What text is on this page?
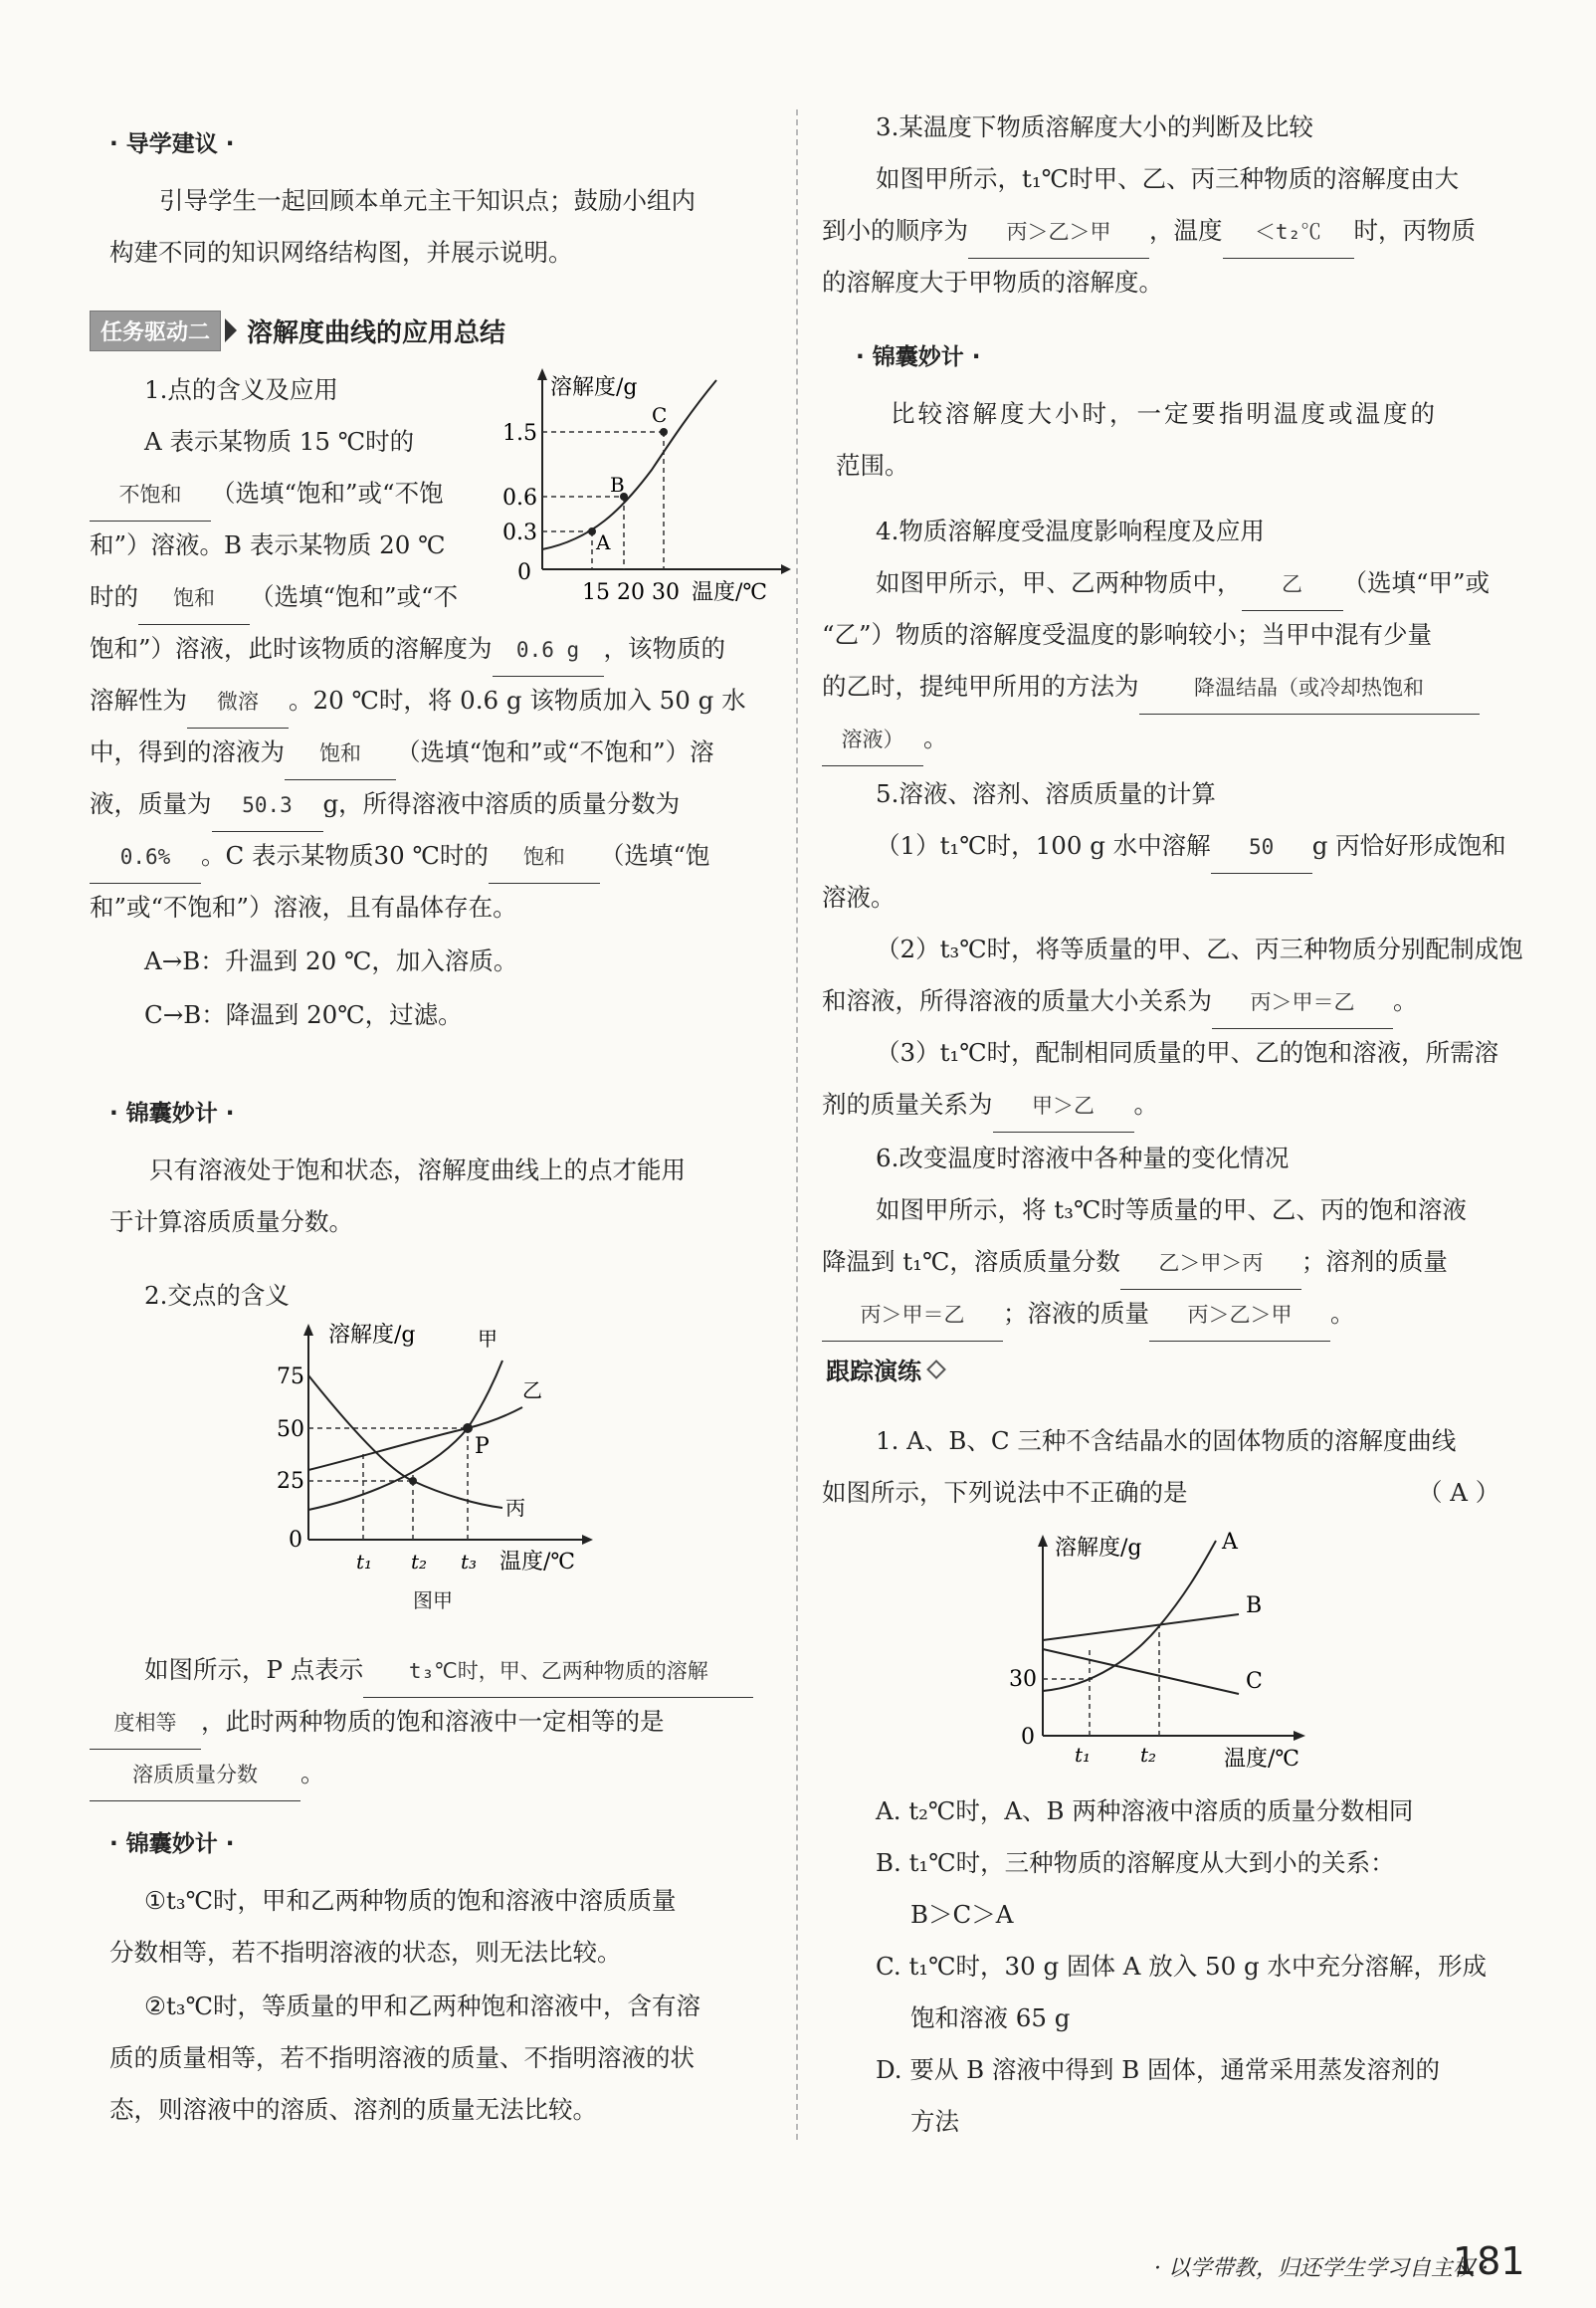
· 导学建议 ·

引导学生一起回顾本单元主干知识点；鼓励小组内

构建不同的知识网络结构图，并展示说明。

任务驱动二	溶解度曲线的应用总结

1.点的含义及应用

A 表示某物质 15 ℃时的

不饱和 （选填“饱和”或“不饱

和”）溶液。B 表示某物质 20 ℃

时的 饱和 （选填“饱和”或“不

饱和”）溶液，此时该物质的溶解度为 0.6 g ，该物质的

溶解性为 微溶 。20 ℃时，将 0.6 g 该物质加入 50 g 水

中，得到的溶液为 饱和 （选填“饱和”或“不饱和”）溶

液，质量为 50.3 g，所得溶液中溶质的质量分数为

0.6% 。C 表示某物质30 ℃时的 饱和 （选填“饱

和”或“不饱和”）溶液，且有晶体存在。

A→B：升温到 20 ℃，加入溶质。

C→B：降温到 20℃，过滤。

溶解度/g
温度/℃
1.5
0.6
0.3
0
15 20 30
A
B
C
· 锦囊妙计 ·

只有溶液处于饱和状态，溶解度曲线上的点才能用

于计算溶质质量分数。

2.交点的含义

溶解度/g
温度/℃
75
50
25
0
t₁ t₂ t₃
甲
乙
丙
P

图甲

如图所示，P 点表示 t₃℃时，甲、乙两种物质的溶解

度相等 ，此时两种物质的饱和溶液中一定相等的是

溶质质量分数 。

· 锦囊妙计 ·

①t₃℃时，甲和乙两种物质的饱和溶液中溶质质量

分数相等，若不指明溶液的状态，则无法比较。

②t₃℃时，等质量的甲和乙两种饱和溶液中，含有溶

质的质量相等，若不指明溶液的质量、不指明溶液的状

态，则溶液中的溶质、溶剂的质量无法比较。

3.某温度下物质溶解度大小的判断及比较

如图甲所示，t₁℃时甲、乙、丙三种物质的溶解度由大

到小的顺序为 丙＞乙＞甲 ，温度 ＜t₂℃ 时，丙物质

的溶解度大于甲物质的溶解度。

· 锦囊妙计 ·

比较溶解度大小时，一定要指明温度或温度的

范围。

4.物质溶解度受温度影响程度及应用

如图甲所示，甲、乙两种物质中， 乙 （选填“甲”或

“乙”）物质的溶解度受温度的影响较小；当甲中混有少量

的乙时，提纯甲所用的方法为	降温结晶（或冷却热饱和

溶液） 。

5.溶液、溶剂、溶质质量的计算

（1）t₁℃时，100 g 水中溶解 50 g 丙恰好形成饱和

溶液。

（2）t₃℃时，将等质量的甲、乙、丙三种物质分别配制成饱

和溶液，所得溶液的质量大小关系为 丙＞甲＝乙 。

（3）t₁℃时，配制相同质量的甲、乙的饱和溶液，所需溶

剂的质量关系为 甲＞乙 。

6.改变温度时溶液中各种量的变化情况

如图甲所示，将 t₃℃时等质量的甲、乙、丙的饱和溶液

降温到 t₁℃，溶质质量分数 乙＞甲＞丙 ；溶剂的质量

丙＞甲＝乙 ；溶液的质量 丙＞乙＞甲 。

跟踪演练

1. A、B、C 三种不含结晶水的固体物质的溶解度曲线

如图所示，下列说法中不正确的是	（ A ）

溶解度/g
温度/℃
30
0
t₁ t₂
A
B
C

A. t₂℃时，A、B 两种溶液中溶质的质量分数相同

B. t₁℃时，三种物质的溶解度从大到小的关系：

B＞C＞A

C. t₁℃时，30 g 固体 A 放入 50 g 水中充分溶解，形成

饱和溶液 65 g

D. 要从 B 溶液中得到 B 固体，通常采用蒸发溶剂的

方法

· 以学带教，归还学生学习自主权 ·
181
